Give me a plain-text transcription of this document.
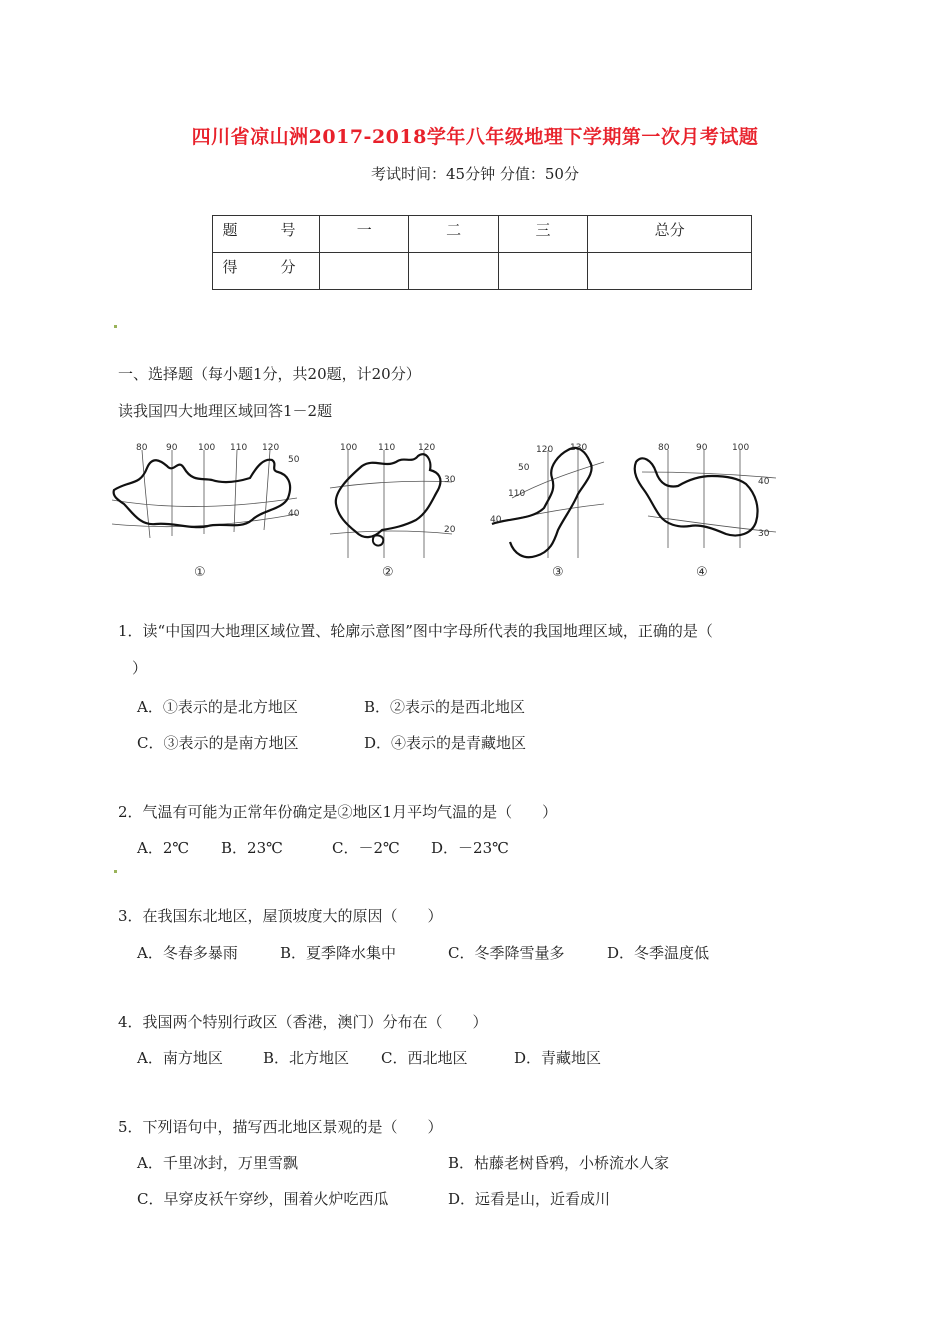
四川省凉山洲2017-2018学年八年级地理下学期第一次月考试题
考试时间：45分钟 分值：50分
题　号	一	二	三	总分
得　分				
一、选择题（每小题1分，共20题，计20分）
读我国四大地理区域回答1－2题
80 90 100 110 120
50
40
①
100 110	120
30
20
②
120 130
110
50
40
③
80	90	100
40
30
④
1．读“中国四大地理区域位置、轮廓示意图”图中字母所代表的我国地理区域，正确的是（
）
A．①表示的是北方地区	B．②表示的是西北地区
C．③表示的是南方地区	D．④表示的是青藏地区
2．气温有可能为正常年份确定是②地区1月平均气温的是（　　）
A．2℃ B．23℃	C．－2℃ D．－23℃
3．在我国东北地区，屋顶坡度大的原因（　　）
A．冬春多暴雨	B．夏季降水集中	C．冬季降雪量多	D．冬季温度低
4．我国两个特别行政区（香港，澳门）分布在（　　）
A．南方地区	B．北方地区 C．西北地区	D．青藏地区
5．下列语句中，描写西北地区景观的是（　　）
A．千里冰封，万里雪飘	B．枯藤老树昏鸦，小桥流水人家
C．早穿皮袄午穿纱，围着火炉吃西瓜	D．远看是山，近看成川
